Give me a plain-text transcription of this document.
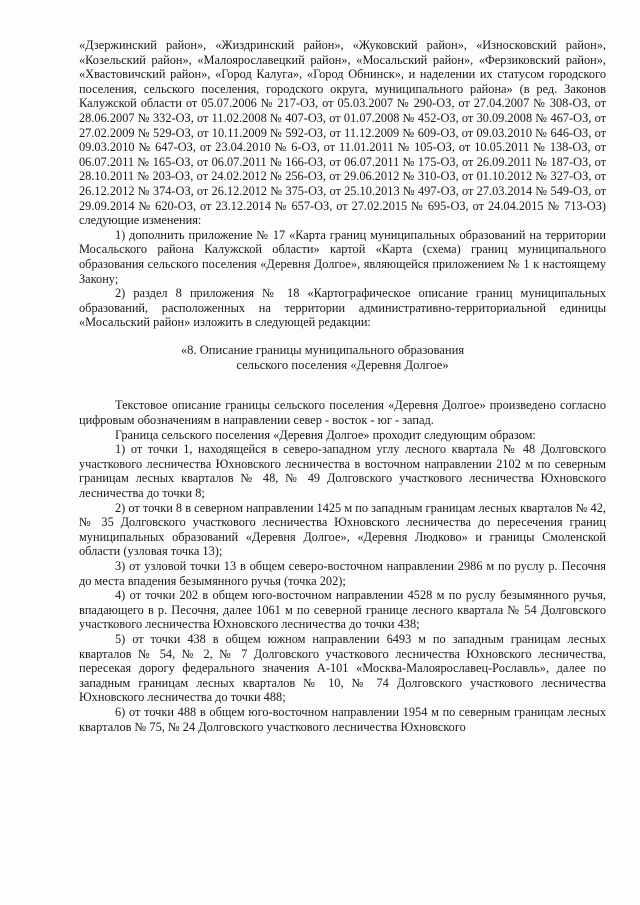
«Дзержинский район», «Жиздринский район», «Жуковский район», «Износковский район», «Козельский район», «Малоярославецкий район», «Мосальский район», «Ферзиковский район», «Хвастовичский район», «Город Калуга», «Город Обнинск», и наделении их статусом городского поселения, сельского поселения, городского округа, муниципального района» (в ред. Законов Калужской области от 05.07.2006 № 217-ОЗ, от 05.03.2007 № 290-ОЗ, от 27.04.2007 № 308-ОЗ, от 28.06.2007 № 332-ОЗ, от 11.02.2008 № 407-ОЗ, от 01.07.2008 № 452-ОЗ, от 30.09.2008 № 467-ОЗ, от 27.02.2009 № 529-ОЗ, от 10.11.2009 № 592-ОЗ, от 11.12.2009 № 609-ОЗ, от 09.03.2010 № 646-ОЗ, от 09.03.2010 № 647-ОЗ, от 23.04.2010 № 6-ОЗ, от 11.01.2011 № 105-ОЗ, от 10.05.2011 № 138-ОЗ, от 06.07.2011 № 165-ОЗ, от 06.07.2011 № 166-ОЗ, от 06.07.2011 № 175-ОЗ, от 26.09.2011 № 187-ОЗ, от 28.10.2011 № 203-ОЗ, от 24.02.2012 № 256-ОЗ, от 29.06.2012 № 310-ОЗ, от 01.10.2012 № 327-ОЗ, от 26.12.2012 № 374-ОЗ, от 26.12.2012 № 375-ОЗ, от 25.10.2013 № 497-ОЗ, от 27.03.2014 № 549-ОЗ, от 29.09.2014 № 620-ОЗ, от 23.12.2014 № 657-ОЗ, от 27.02.2015 № 695-ОЗ, от 24.04.2015 № 713-ОЗ) следующие изменения:

1) дополнить приложение № 17 «Карта границ муниципальных образований на территории Мосальского района Калужской области» картой «Карта (схема) границ муниципального образования сельского поселения «Деревня Долгое», являющейся приложением № 1 к настоящему Закону;

2) раздел 8 приложения № 18 «Картографическое описание границ муниципальных образований, расположенных на территории административно-территориальной единицы «Мосальский район» изложить в следующей редакции:

«8. Описание границы муниципального образования
сельского поселения «Деревня Долгое»

Текстовое описание границы сельского поселения «Деревня Долгое» произведено согласно цифровым обозначениям в направлении север - восток - юг - запад.

Граница сельского поселения «Деревня Долгое» проходит следующим образом:

1) от точки 1, находящейся в северо-западном углу лесного квартала № 48 Долговского участкового лесничества Юхновского лесничества в восточном направлении 2102 м по северным границам лесных кварталов № 48, № 49 Долговского участкового лесничества Юхновского лесничества до точки 8;

2) от точки 8 в северном направлении 1425 м по западным границам лесных кварталов № 42, № 35 Долговского участкового лесничества Юхновского лесничества до пересечения границ муниципальных образований «Деревня Долгое», «Деревня Людково» и границы Смоленской области (узловая точка 13);

3) от узловой точки 13 в общем северо-восточном направлении 2986 м по руслу р. Песочня до места впадения безымянного ручья (точка 202);

4) от точки 202 в общем юго-восточном направлении 4528 м по руслу безымянного ручья, впадающего в р. Песочня, далее 1061 м по северной границе лесного квартала № 54 Долговского участкового лесничества Юхновского лесничества до точки 438;

5) от точки 438 в общем южном направлении 6493 м по западным границам лесных кварталов № 54, № 2, № 7 Долговского участкового лесничества Юхновского лесничества, пересекая дорогу федерального значения А-101 «Москва-Малоярославец-Рославль», далее по западным границам лесных кварталов № 10, № 74 Долговского участкового лесничества Юхновского лесничества до точки 488;

6) от точки 488 в общем юго-восточном направлении 1954 м по северным границам лесных кварталов № 75, № 24 Долговского участкового лесничества Юхновского
